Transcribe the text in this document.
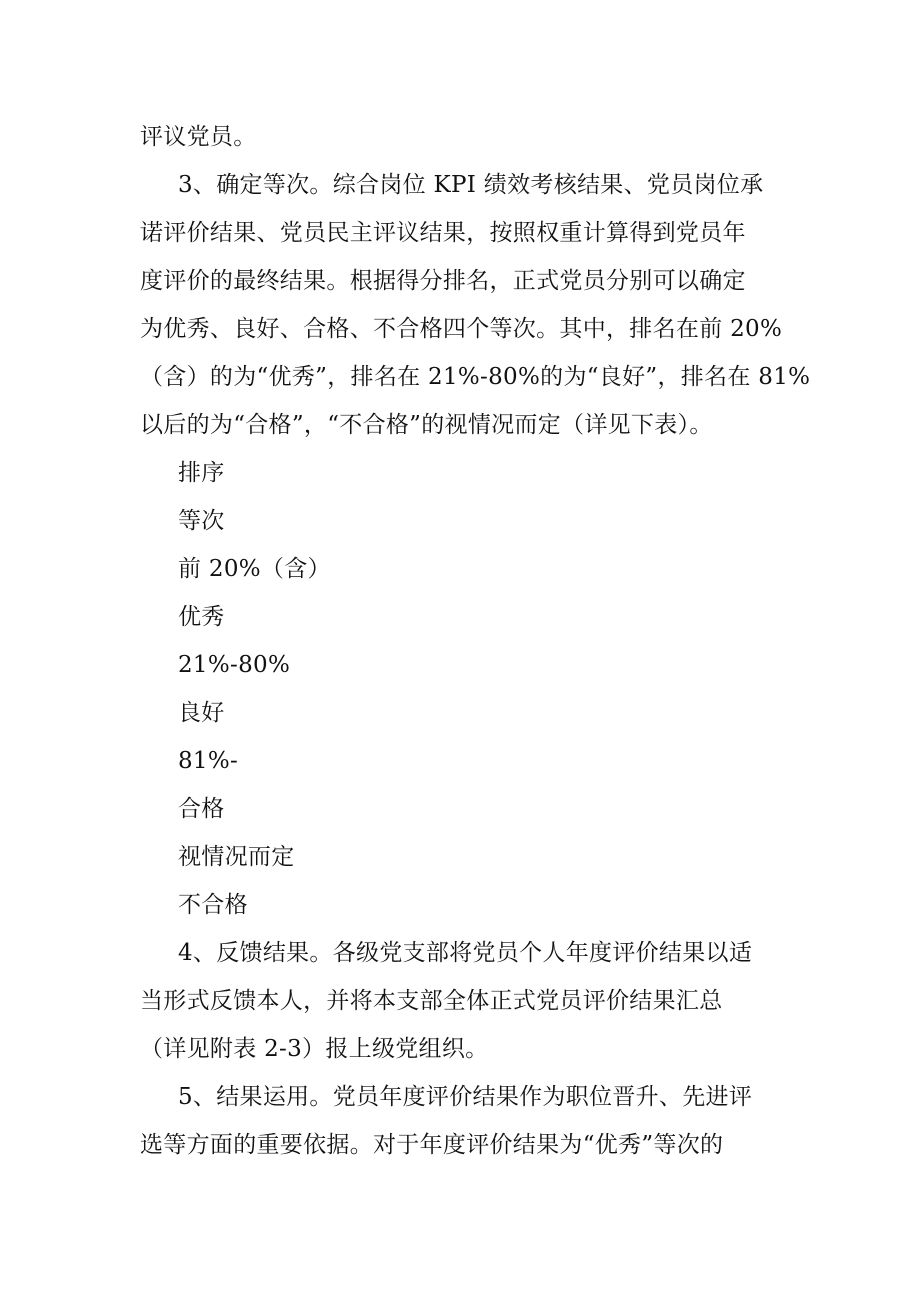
评议党员。
3、确定等次。综合岗位 KPI 绩效考核结果、党员岗位承
诺评价结果、党员民主评议结果，按照权重计算得到党员年
度评价的最终结果。根据得分排名，正式党员分别可以确定
为优秀、良好、合格、不合格四个等次。其中，排名在前 20%
（含）的为“优秀”，排名在 21%-80%的为“良好”，排名在 81%
以后的为“合格”，“不合格”的视情况而定（详见下表）。
排序
等次
前 20%（含）
优秀
21%-80%
良好
81%-
合格
视情况而定
不合格
4、反馈结果。各级党支部将党员个人年度评价结果以适
当形式反馈本人，并将本支部全体正式党员评价结果汇总
（详见附表 2-3）报上级党组织。
5、结果运用。党员年度评价结果作为职位晋升、先进评
选等方面的重要依据。对于年度评价结果为“优秀”等次的
